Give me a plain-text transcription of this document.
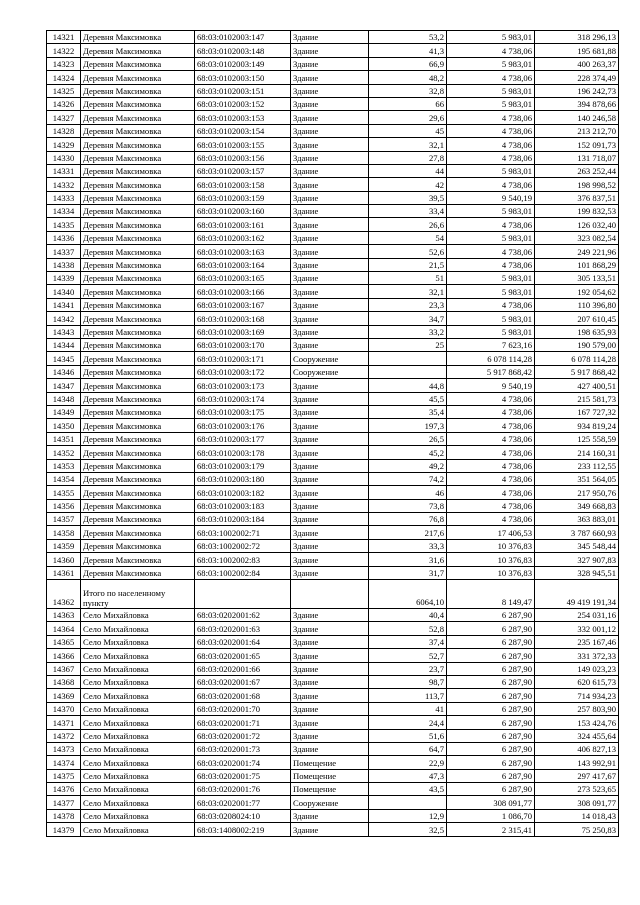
14321	Деревня Максимовка	68:03:0102003:147	Здание	53,2	5 983,01	318 296,13
14322	Деревня Максимовка	68:03:0102003:148	Здание	41,3	4 738,06	195 681,88
14323	Деревня Максимовка	68:03:0102003:149	Здание	66,9	5 983,01	400 263,37
14324	Деревня Максимовка	68:03:0102003:150	Здание	48,2	4 738,06	228 374,49
14325	Деревня Максимовка	68:03:0102003:151	Здание	32,8	5 983,01	196 242,73
14326	Деревня Максимовка	68:03:0102003:152	Здание	66	5 983,01	394 878,66
14327	Деревня Максимовка	68:03:0102003:153	Здание	29,6	4 738,06	140 246,58
14328	Деревня Максимовка	68:03:0102003:154	Здание	45	4 738,06	213 212,70
14329	Деревня Максимовка	68:03:0102003:155	Здание	32,1	4 738,06	152 091,73
14330	Деревня Максимовка	68:03:0102003:156	Здание	27,8	4 738,06	131 718,07
14331	Деревня Максимовка	68:03:0102003:157	Здание	44	5 983,01	263 252,44
14332	Деревня Максимовка	68:03:0102003:158	Здание	42	4 738,06	198 998,52
14333	Деревня Максимовка	68:03:0102003:159	Здание	39,5	9 540,19	376 837,51
14334	Деревня Максимовка	68:03:0102003:160	Здание	33,4	5 983,01	199 832,53
14335	Деревня Максимовка	68:03:0102003:161	Здание	26,6	4 738,06	126 032,40
14336	Деревня Максимовка	68:03:0102003:162	Здание	54	5 983,01	323 082,54
14337	Деревня Максимовка	68:03:0102003:163	Здание	52,6	4 738,06	249 221,96
14338	Деревня Максимовка	68:03:0102003:164	Здание	21,5	4 738,06	101 868,29
14339	Деревня Максимовка	68:03:0102003:165	Здание	51	5 983,01	305 133,51
14340	Деревня Максимовка	68:03:0102003:166	Здание	32,1	5 983,01	192 054,62
14341	Деревня Максимовка	68:03:0102003:167	Здание	23,3	4 738,06	110 396,80
14342	Деревня Максимовка	68:03:0102003:168	Здание	34,7	5 983,01	207 610,45
14343	Деревня Максимовка	68:03:0102003:169	Здание	33,2	5 983,01	198 635,93
14344	Деревня Максимовка	68:03:0102003:170	Здание	25	7 623,16	190 579,00
14345	Деревня Максимовка	68:03:0102003:171	Сооружение		6 078 114,28	6 078 114,28
14346	Деревня Максимовка	68:03:0102003:172	Сооружение		5 917 868,42	5 917 868,42
14347	Деревня Максимовка	68:03:0102003:173	Здание	44,8	9 540,19	427 400,51
14348	Деревня Максимовка	68:03:0102003:174	Здание	45,5	4 738,06	215 581,73
14349	Деревня Максимовка	68:03:0102003:175	Здание	35,4	4 738,06	167 727,32
14350	Деревня Максимовка	68:03:0102003:176	Здание	197,3	4 738,06	934 819,24
14351	Деревня Максимовка	68:03:0102003:177	Здание	26,5	4 738,06	125 558,59
14352	Деревня Максимовка	68:03:0102003:178	Здание	45,2	4 738,06	214 160,31
14353	Деревня Максимовка	68:03:0102003:179	Здание	49,2	4 738,06	233 112,55
14354	Деревня Максимовка	68:03:0102003:180	Здание	74,2	4 738,06	351 564,05
14355	Деревня Максимовка	68:03:0102003:182	Здание	46	4 738,06	217 950,76
14356	Деревня Максимовка	68:03:0102003:183	Здание	73,8	4 738,06	349 668,83
14357	Деревня Максимовка	68:03:0102003:184	Здание	76,8	4 738,06	363 883,01
14358	Деревня Максимовка	68:03:1002002:71	Здание	217,6	17 406,53	3 787 660,93
14359	Деревня Максимовка	68:03:1002002:72	Здание	33,3	10 376,83	345 548,44
14360	Деревня Максимовка	68:03:1002002:83	Здание	31,6	10 376,83	327 907,83
14361	Деревня Максимовка	68:03:1002002:84	Здание	31,7	10 376,83	328 945,51
14362	Итого по населенному пункту			6064,10	8 149,47	49 419 191,34
14363	Село Михайловка	68:03:0202001:62	Здание	40,4	6 287,90	254 031,16
14364	Село Михайловка	68:03:0202001:63	Здание	52,8	6 287,90	332 001,12
14365	Село Михайловка	68:03:0202001:64	Здание	37,4	6 287,90	235 167,46
14366	Село Михайловка	68:03:0202001:65	Здание	52,7	6 287,90	331 372,33
14367	Село Михайловка	68:03:0202001:66	Здание	23,7	6 287,90	149 023,23
14368	Село Михайловка	68:03:0202001:67	Здание	98,7	6 287,90	620 615,73
14369	Село Михайловка	68:03:0202001:68	Здание	113,7	6 287,90	714 934,23
14370	Село Михайловка	68:03:0202001:70	Здание	41	6 287,90	257 803,90
14371	Село Михайловка	68:03:0202001:71	Здание	24,4	6 287,90	153 424,76
14372	Село Михайловка	68:03:0202001:72	Здание	51,6	6 287,90	324 455,64
14373	Село Михайловка	68:03:0202001:73	Здание	64,7	6 287,90	406 827,13
14374	Село Михайловка	68:03:0202001:74	Помещение	22,9	6 287,90	143 992,91
14375	Село Михайловка	68:03:0202001:75	Помещение	47,3	6 287,90	297 417,67
14376	Село Михайловка	68:03:0202001:76	Помещение	43,5	6 287,90	273 523,65
14377	Село Михайловка	68:03:0202001:77	Сооружение		308 091,77	308 091,77
14378	Село Михайловка	68:03:0208024:10	Здание	12,9	1 086,70	14 018,43
14379	Село Михайловка	68:03:1408002:219	Здание	32,5	2 315,41	75 250,83
